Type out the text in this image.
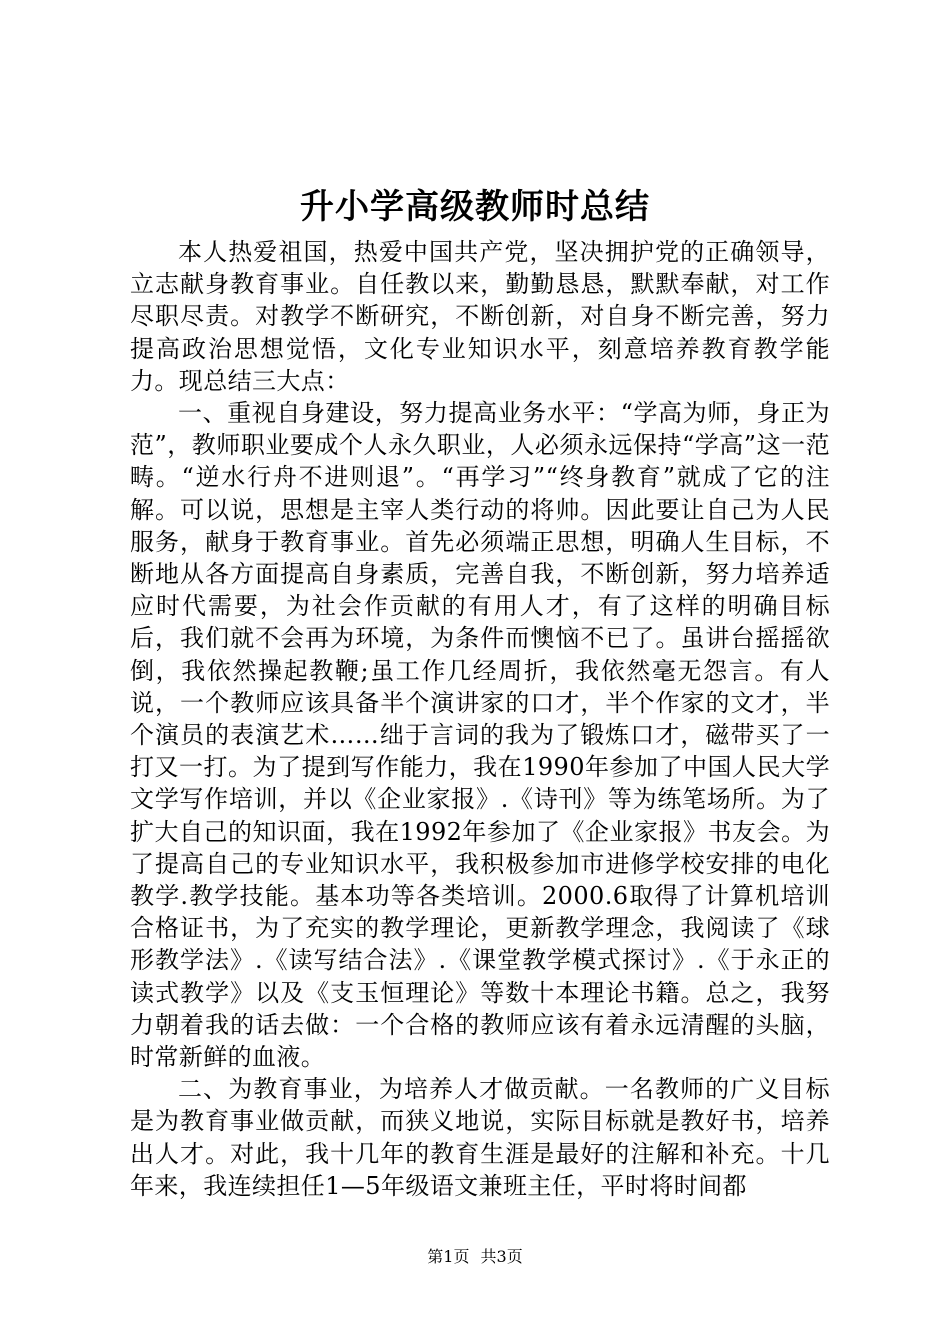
升小学高级教师时总结

本人热爱祖国，热爱中国共产党，坚决拥护党的正确领导，立志献身教育事业。自任教以来，勤勤恳恳，默默奉献，对工作尽职尽责。对教学不断研究，不断创新，对自身不断完善，努力提高政治思想觉悟，文化专业知识水平，刻意培养教育教学能力。现总结三大点：

一、重视自身建设，努力提高业务水平：“学高为师，身正为范”，教师职业要成个人永久职业，人必须永远保持“学高”这一范畴。“逆水行舟不进则退”。“再学习”“终身教育”就成了它的注解。可以说，思想是主宰人类行动的将帅。因此要让自己为人民服务，献身于教育事业。首先必须端正思想，明确人生目标，不断地从各方面提高自身素质，完善自我，不断创新，努力培养适应时代需要，为社会作贡献的有用人才，有了这样的明确目标后，我们就不会再为环境，为条件而懊恼不已了。虽讲台摇摇欲倒，我依然操起教鞭;虽工作几经周折，我依然毫无怨言。有人说，一个教师应该具备半个演讲家的口才，半个作家的文才，半个演员的表演艺术……绌于言词的我为了锻炼口才，磁带买了一打又一打。为了提到写作能力，我在1990年参加了中国人民大学文学写作培训，并以《企业家报》.《诗刊》等为练笔场所。为了扩大自己的知识面，我在1992年参加了《企业家报》书友会。为了提高自己的专业知识水平，我积极参加市进修学校安排的电化教学.教学技能。基本功等各类培训。2000.6取得了计算机培训合格证书，为了充实的教学理论，更新教学理念，我阅读了《球形教学法》.《读写结合法》.《课堂教学模式探讨》.《于永正的读式教学》以及《支玉恒理论》等数十本理论书籍。总之，我努力朝着我的话去做：一个合格的教师应该有着永远清醒的头脑，时常新鲜的血液。

二、为教育事业，为培养人才做贡献。一名教师的广义目标是为教育事业做贡献，而狭义地说，实际目标就是教好书，培养出人才。对此，我十几年的教育生涯是最好的注解和补充。十几年来，我连续担任1—5年级语文兼班主任，平时将时间都

第1页 共3页
